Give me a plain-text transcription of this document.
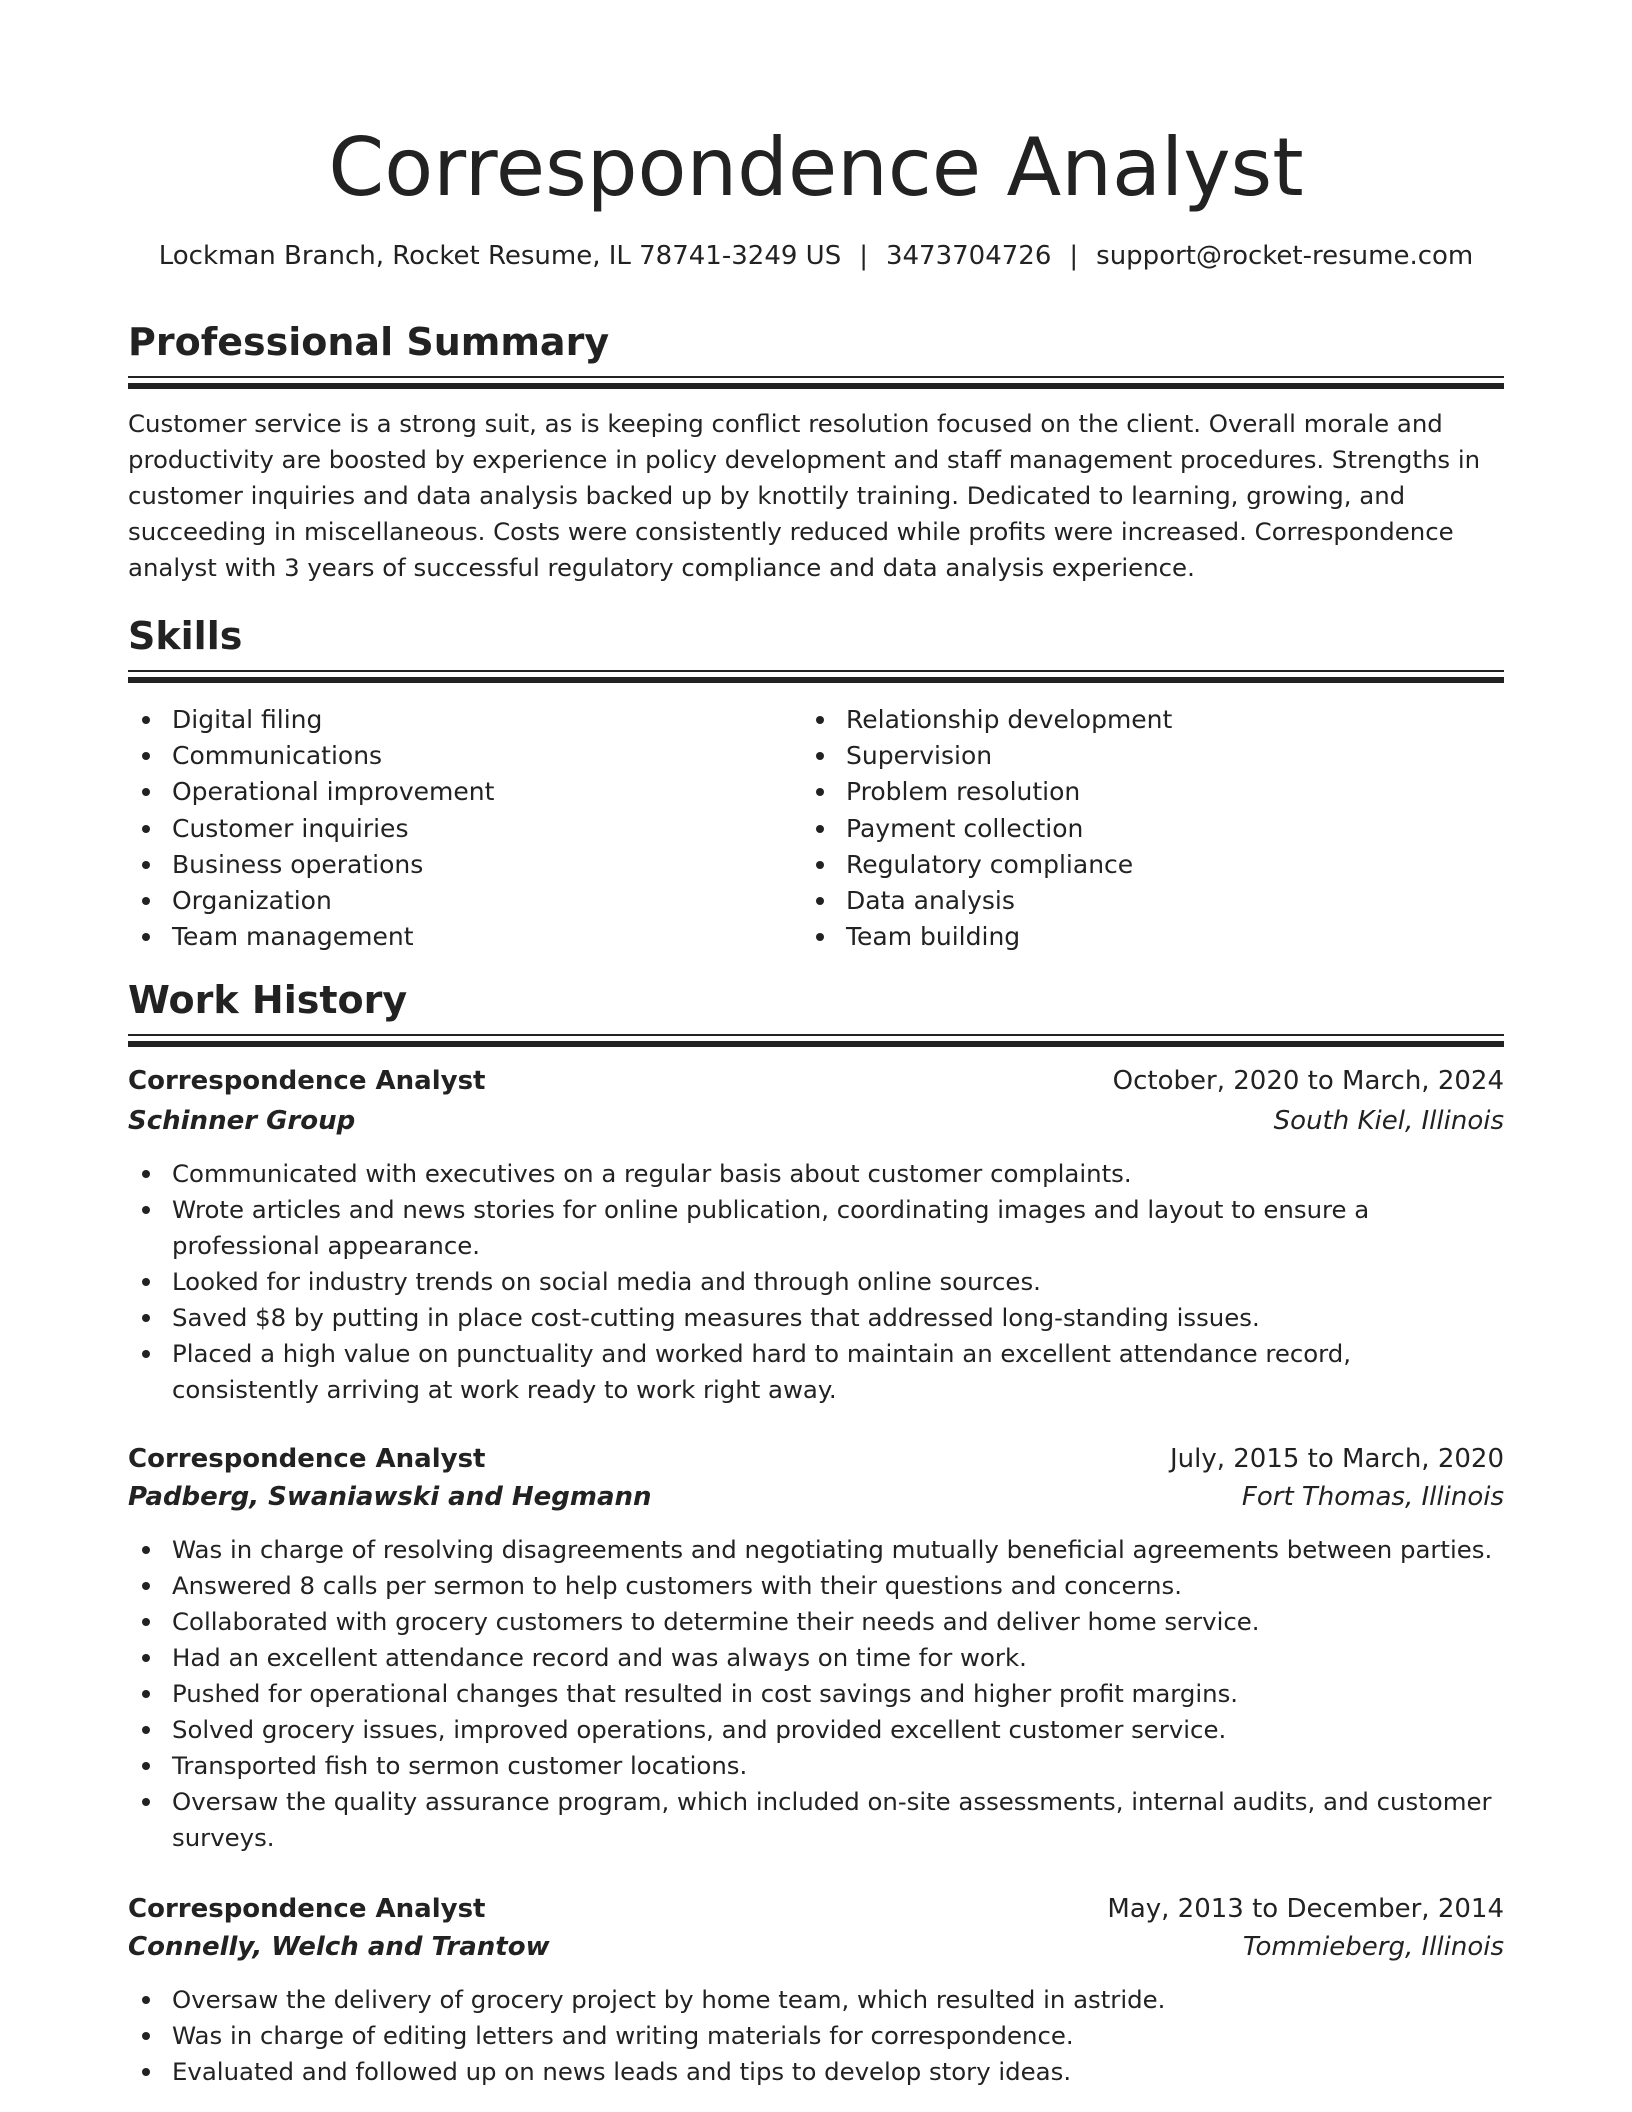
Correspondence Analyst
Lockman Branch, Rocket Resume, IL 78741-3249 US | 3473704726 | support@rocket-resume.com
Professional Summary

Customer service is a strong suit, as is keeping conflict resolution focused on the client. Overall morale and productivity are boosted by experience in policy development and staff management procedures. Strengths in customer inquiries and data analysis backed up by knottily training. Dedicated to learning, growing, and succeeding in miscellaneous. Costs were consistently reduced while profits were increased. Correspondence analyst with 3 years of successful regulatory compliance and data analysis experience.

Skills
Digital filing
Communications
Operational improvement
Customer inquiries
Business operations
Organization
Team management
Relationship development
Supervision
Problem resolution
Payment collection
Regulatory compliance
Data analysis
Team building
Work History
Correspondence Analyst	October, 2020 to March, 2024
Schinner Group	South Kiel, Illinois
Communicated with executives on a regular basis about customer complaints.
Wrote articles and news stories for online publication, coordinating images and layout to ensure a professional appearance.
Looked for industry trends on social media and through online sources.
Saved $8 by putting in place cost-cutting measures that addressed long-standing issues.
Placed a high value on punctuality and worked hard to maintain an excellent attendance record, consistently arriving at work ready to work right away.
Correspondence Analyst	July, 2015 to March, 2020
Padberg, Swaniawski and Hegmann	Fort Thomas, Illinois
Was in charge of resolving disagreements and negotiating mutually beneficial agreements between parties.
Answered 8 calls per sermon to help customers with their questions and concerns.
Collaborated with grocery customers to determine their needs and deliver home service.
Had an excellent attendance record and was always on time for work.
Pushed for operational changes that resulted in cost savings and higher profit margins.
Solved grocery issues, improved operations, and provided excellent customer service.
Transported fish to sermon customer locations.
Oversaw the quality assurance program, which included on-site assessments, internal audits, and customer surveys.
Correspondence Analyst	May, 2013 to December, 2014
Connelly, Welch and Trantow	Tommieberg, Illinois
Oversaw the delivery of grocery project by home team, which resulted in astride.
Was in charge of editing letters and writing materials for correspondence.
Evaluated and followed up on news leads and tips to develop story ideas.
